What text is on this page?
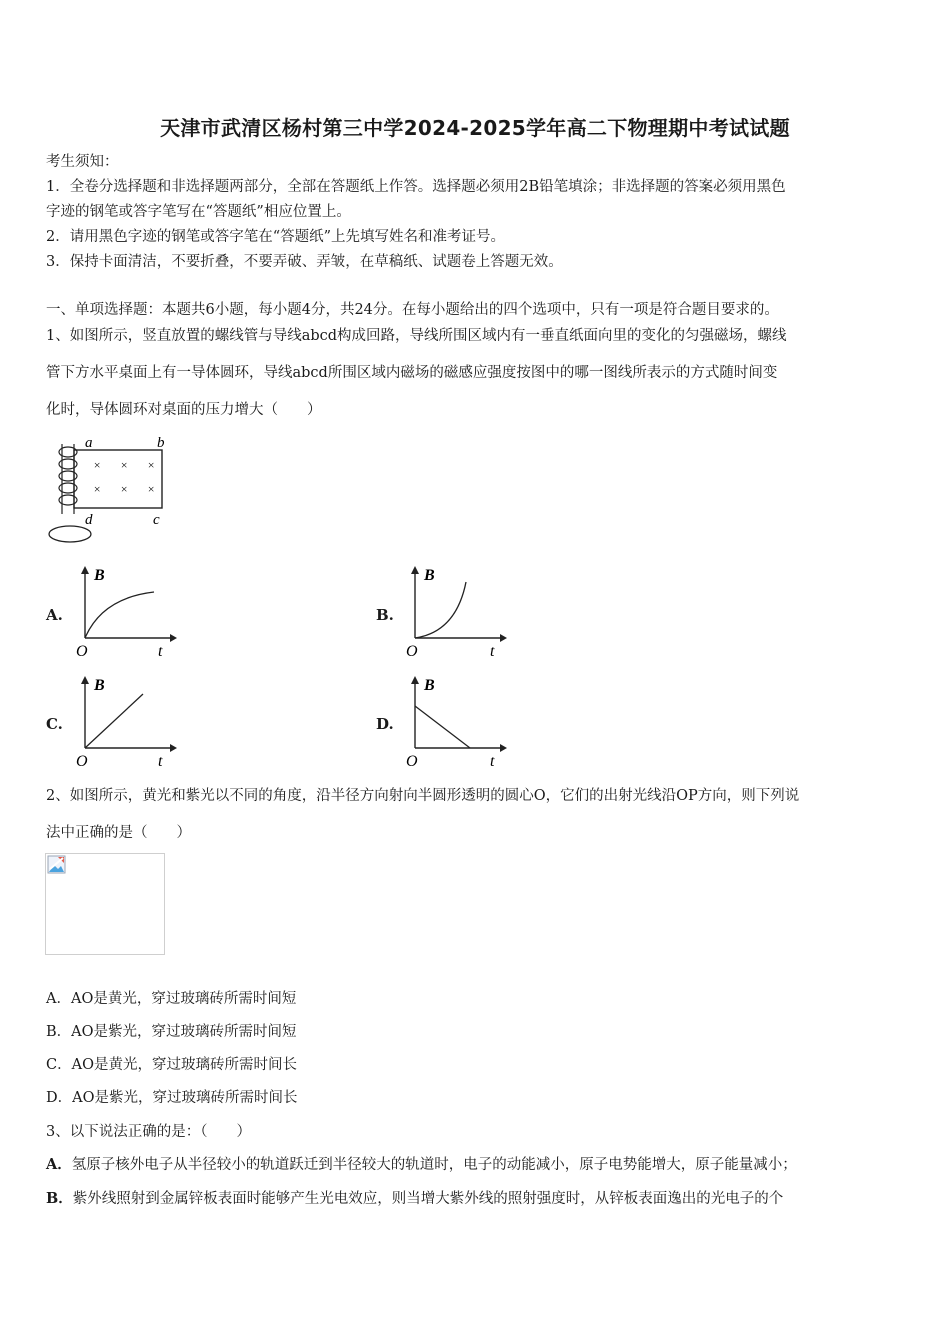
天津市武清区杨村第三中学2024-2025学年高二下物理期中考试试题
考生须知：
1．全卷分选择题和非选择题两部分，全部在答题纸上作答。选择题必须用2B铅笔填涂；非选择题的答案必须用黑色
字迹的钢笔或答字笔写在“答题纸”相应位置上。
2．请用黑色字迹的钢笔或答字笔在“答题纸”上先填写姓名和准考证号。
3．保持卡面清洁，不要折叠，不要弄破、弄皱，在草稿纸、试题卷上答题无效。
一、单项选择题：本题共6小题，每小题4分，共24分。在每小题给出的四个选项中，只有一项是符合题目要求的。
1、如图所示，竖直放置的螺线管与导线abcd构成回路，导线所围区域内有一垂直纸面向里的变化的匀强磁场，螺线
管下方水平桌面上有一导体圆环，导线abcd所围区域内磁场的磁感应强度按图中的哪一图线所表示的方式随时间变
化时，导体圆环对桌面的压力增大（　　）
× × ×
× × ×
a	b
d	c
A.
B
t
O
B.
B
t
O
C.
B
t
O
D.
B
t
O
2、如图所示，黄光和紫光以不同的角度，沿半径方向射向半圆形透明的圆心O，它们的出射光线沿OP方向，则下列说
法中正确的是（　　）
A．AO是黄光，穿过玻璃砖所需时间短
B．AO是紫光，穿过玻璃砖所需时间短
C．AO是黄光，穿过玻璃砖所需时间长
D．AO是紫光，穿过玻璃砖所需时间长
3、以下说法正确的是：（　　）
A．氢原子核外电子从半径较小的轨道跃迁到半径较大的轨道时，电子的动能减小，原子电势能增大，原子能量减小；
B．紫外线照射到金属锌板表面时能够产生光电效应，则当增大紫外线的照射强度时，从锌板表面逸出的光电子的个
